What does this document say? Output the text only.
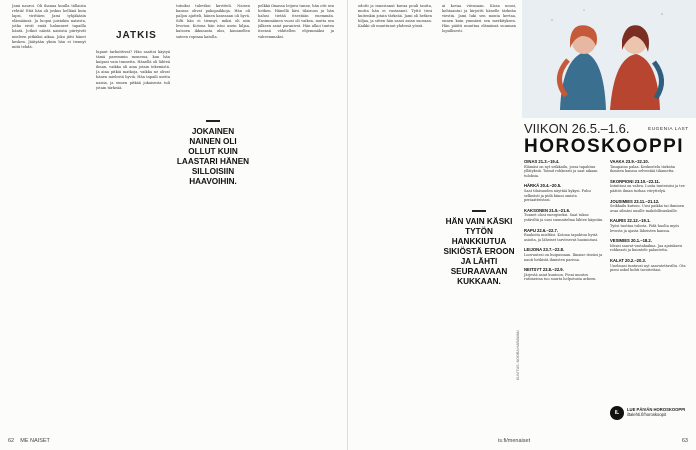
JATKIS

Jami nauroi. Oli ihanaa kuulla tällaista rehtiä! Etiä hän oli joskus hellänä kuin lapsi, virittäen Jami tyhjäkäsin elämäänsä. Ja luopui joistakin naisista, jotka eivät enää halunneet tapailla häntä. Jotkut näistä naisista piirtyivät mieleen pitkäksi aikaa. Joku jätti hänet kesken. Jäätyään yksin hän ei tiennyt mitä tehdä.

lupaut tarkoittivat? Hän saattoi käytyä tämä paremmin monessa, kun hän kaipasi vain tunnetta. Hänellä oli lähteä ilman, vaikka oli aina jotain tekemistä. Ja aina pitkiä matkoja, vaikka ne olivat hänen mielestä hyviä. Hän tapaili useita naisia, ja ennen pitkää jokaisesta tuli jotain tärkeää.

JOKAINEN NAINEN OLI OLLUT KUIN LAASTARI HÄNEN SILLOISIIN HAAVOIHIN.

tutuiksi tuleviksi kuvitteli. Naisen kanssa olivat pakopaikkoja. Hän oli paljon ajatteli, hänen kanssaan oli hyvä. Silti hän ei tiennyt, miksi oli niin levoton. Kotona hän istui usein hiljaa, katsoen ikkunasta ulos, kuunnellen sateen ropinaa katolla.

pelkkä ilmassa leijuva tunne, hän otti sen hetken. Hänellä kävi tilaisuus ja hän halusi tietää itsestään enemmän. Ensimmäinen vuosi oli vaikea, mutta sen jälkeen asiat paranivat. Hän alkoi tuntea itsensä vähitellen ehjemmäksi ja vahvemmaksi.

62 ME NAISET

odotti ja innostanut kuvaa pouli tautta, mutta hän ei vastannut. Tyttö tiesi kuitenkin jotain tärkeää. Jami oli hetken hiljaa, ja sitten hän sanoi asian suoraan. Kaikki oli muuttunut yhdessä yössä.

ai kovaa viivasaan. Kissa nousi, kohtaantui ja kirjoitti hänelle tärkeän viestin. Jami luki sen monta kertaa, ennen kuin ymmärsi sen merkityksen. Hän päätti muuttaa elämänsä suunnan lopullisesti.

HÄN VAIN KÄSKI TYTÖN HANKKIUTUA SIKIÖSTÄ EROON JA LÄHTI SEURAAVAAN KUKKAAN.
VIIKON 26.5.–1.6.	EUGENIA LAST
HOROSKOOPPI
OINAS 21.3.–19.4.

Elämäsi on nyt seikkailu, jossa tapahtuu yllätyksiä. Toimit rohkeasti ja saat aikaan tuloksia.

HÄRKÄ 20.4.–20.5.

Saat tilaisuuden näyttää kykysi. Puhu selkeästi ja pidä kiinni omista periaatteistasi.

KAKSONEN 21.5.–21.6.

Tunnet olosi energiseksi. Saat tukea ystäviltä ja uusi suunnitelma lähtee käyntiin.

RAPU 22.6.–22.7.

Rauhoita mieltäsi. Kotona tapahtuu hyviä asioita, ja läheiset tarvitsevat huomiotasi.

LEIJONA 23.7.–22.8.

Luovuutesi on huipussaan. Ilmaise itseäsi ja nauti hetkistä ihmisten parissa.

NEITSYT 23.8.–22.9.

Järjestä asiat kuntoon. Pieni muutos rutiineissa tuo suurta helpotusta arkeen.

VAAKA 23.9.–22.10.

Tasapaino palaa. Keskustelu tärkeän ihmisen kanssa selventää tilannetta.

SKORPIONI 23.10.–22.11.

Intuitiosi on vahva. Luota tunteisiisi ja tee päätös ilman turhaa viivyttelyä.

JOUSIMIES 23.11.–21.12.

Seikkailu kutsuu. Uusi paikka tai ihminen avaa silmäsi uusille mahdollisuuksille.

KAURIS 22.12.–19.1.

Työsi tuottaa tulosta. Pidä huolta myös levosta ja ajasta läheisten kanssa.

VESIMIES 20.1.–18.2.

Ideasi saavat vastakaikua. Jaa ajatuksesi rohkeasti ja kuuntele palautetta.

KALAT 20.2.–20.3.

Unelmasi tuntuvat nyt saavutettavilta. Ota pieni askel kohti tavoitettasi.

KUVITUS: NOORA HARAWAN
IL
LUE PÄIVÄN HOROSKOOPPI
iltalehti.fi/horoskoopit
is.fi/menaiset	63
